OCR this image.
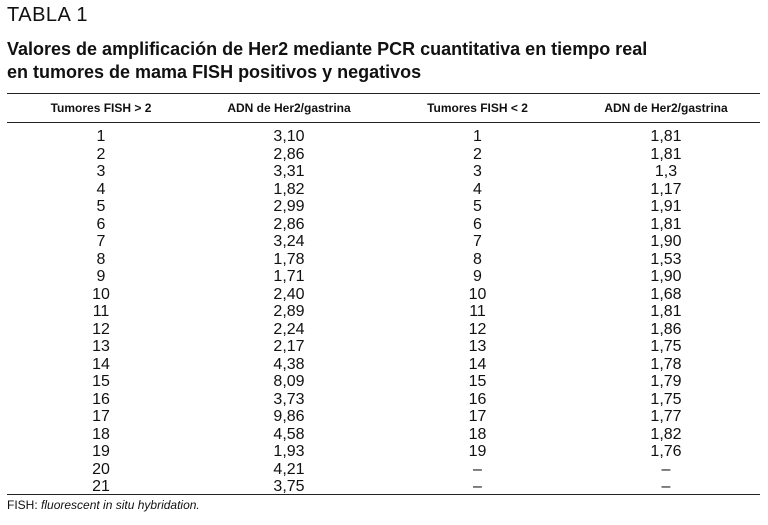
TABLA 1
Valores de amplificación de Her2 mediante PCR cuantitativa en tiempo real
en tumores de mama FISH positivos y negativos
Tumores FISH > 2	ADN de Her2/gastrina	Tumores FISH < 2	ADN de Her2/gastrina
1	3,10	1	1,81
2	2,86	2	1,81
3	3,31	3	1,3
4	1,82	4	1,17
5	2,99	5	1,91
6	2,86	6	1,81
7	3,24	7	1,90
8	1,78	8	1,53
9	1,71	9	1,90
10	2,40	10	1,68
11	2,89	11	1,81
12	2,24	12	1,86
13	2,17	13	1,75
14	4,38	14	1,78
15	8,09	15	1,79
16	3,73	16	1,75
17	9,86	17	1,77
18	4,58	18	1,82
19	1,93	19	1,76
20	4,21	–	–
21	3,75	–	–
FISH: fluorescent in situ hybridation.
